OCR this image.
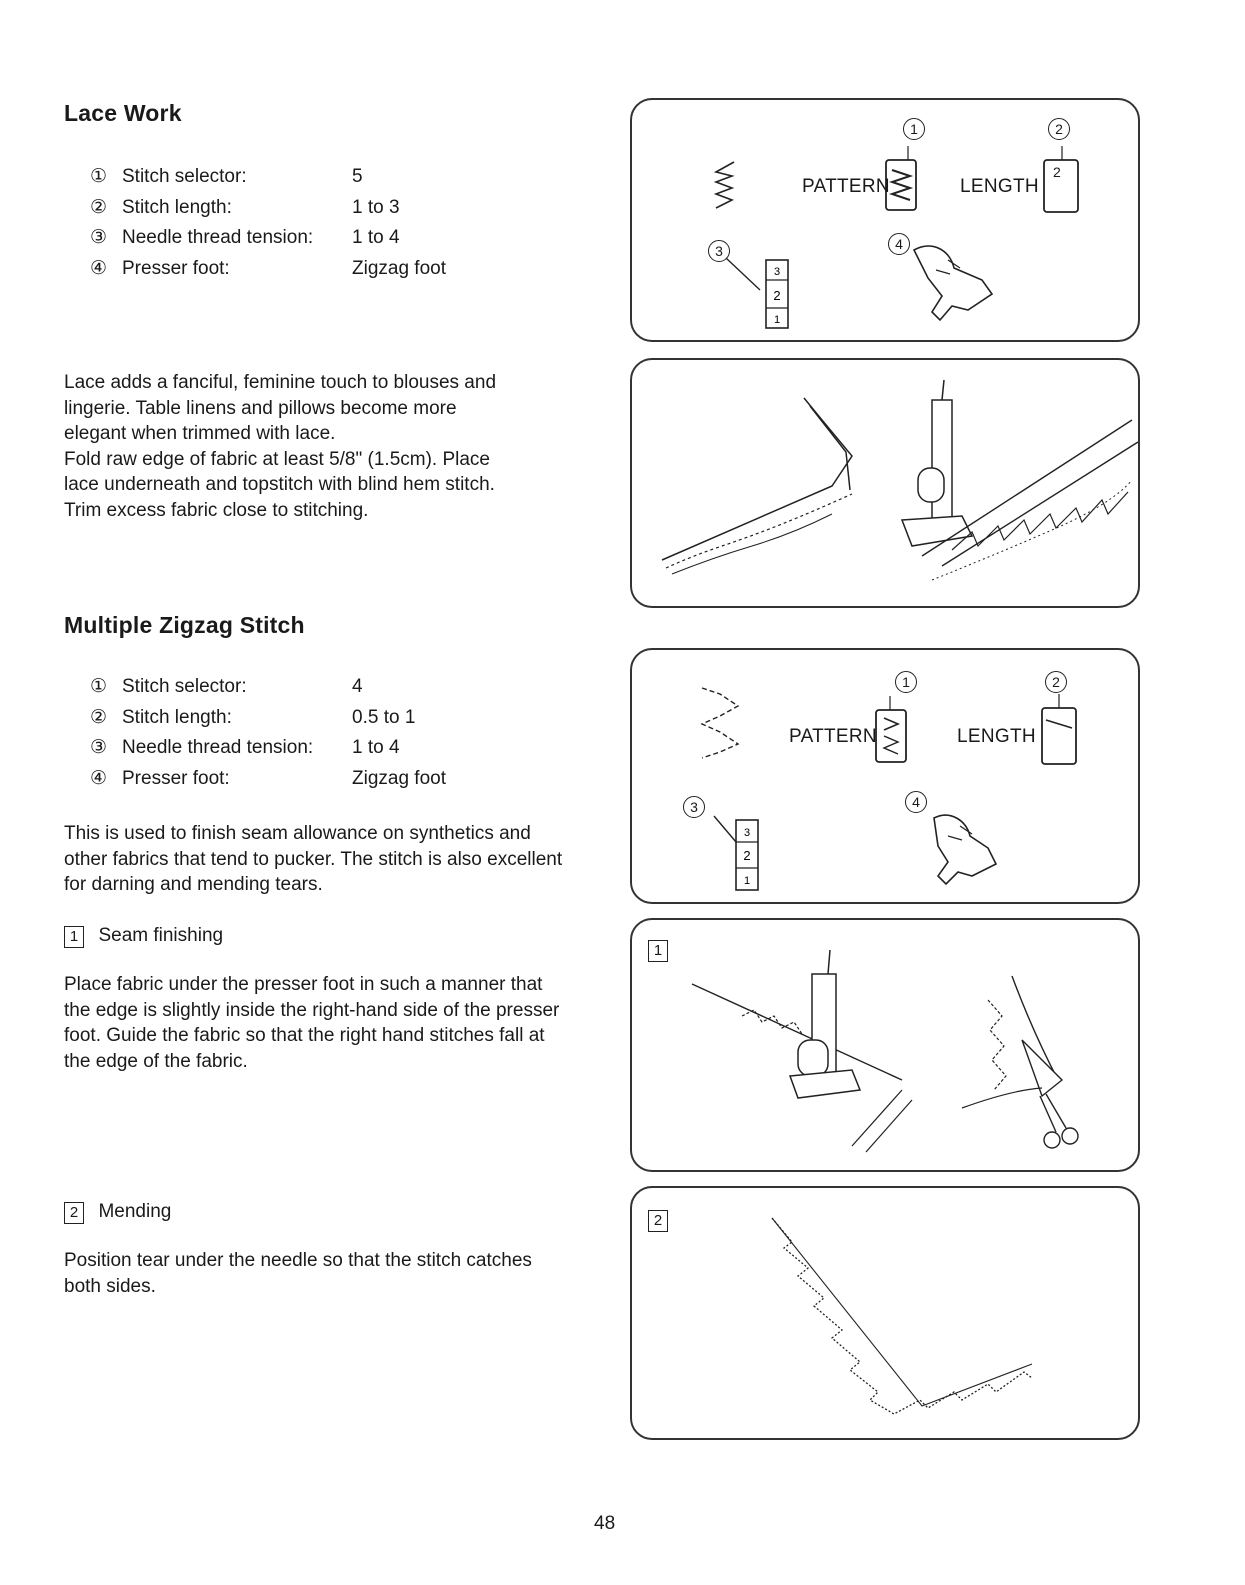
Lace Work
① Stitch selector:	5
② Stitch length:	1 to 3
③ Needle thread tension: 1 to 4
④ Presser foot:	Zigzag foot

Lace adds a fanciful, feminine touch to blouses and

lingerie. Table linens and pillows become more

elegant when trimmed with lace.

Fold raw edge of fabric at least 5/8" (1.5cm). Place

lace underneath and topstitch with blind hem stitch.

Trim excess fabric close to stitching.

3
2
1
1	2
PATTERN	LENGTH
2
3	4
Multiple Zigzag Stitch
① Stitch selector:	4
② Stitch length:	0.5 to 1
③ Needle thread tension: 1 to 4
④ Presser foot:	Zigzag foot

This is used to finish seam allowance on synthetics and

other fabrics that tend to pucker. The stitch is also excellent

for darning and mending tears.

1 Seam finishing

Place fabric under the presser foot in such a manner that

the edge is slightly inside the right-hand side of the presser

foot. Guide the fabric so that the right hand stitches fall at

the edge of the fabric.

2 Mending

Position tear under the needle so that the stitch catches

both sides.

3
2
1
1	2
PATTERN	LENGTH
3	4
1
2
48
